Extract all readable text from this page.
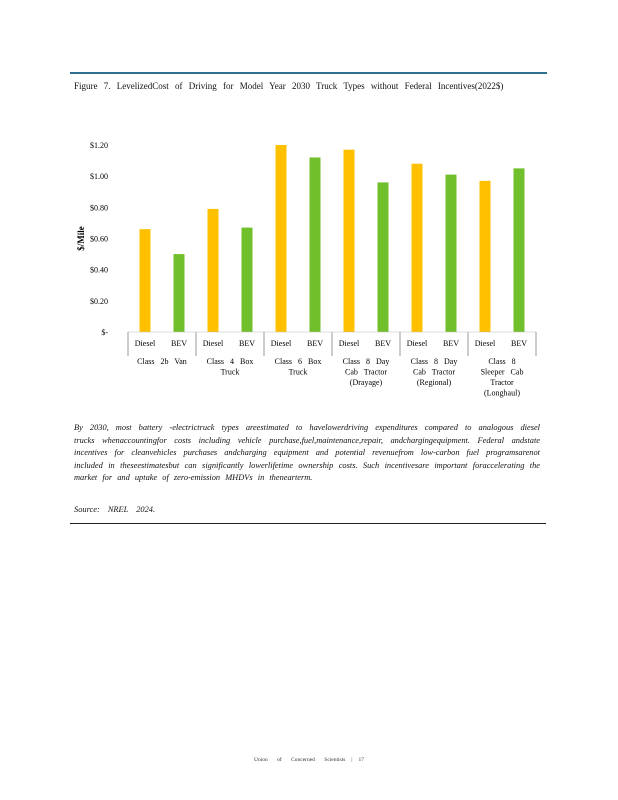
Figure 7. LevelizedCost of Driving for Model Year 2030 Truck Types without Federal Incentives(2022$)
$/Mile
$-
$0.20
$0.40
$0.60
$0.80
$1.00
$1.20
Diesel BEV
Class 2b Van
Diesel BEV
Class 4 Box
Truck
Diesel BEV
Class 6 Box
Truck
Diesel BEV
Class 8 Day
Cab Tractor
(Drayage)
Diesel BEV
Class 8 Day
Cab Tractor
(Regional)
Diesel BEV
Class 8
Sleeper Cab
Tractor
(Longhaul)
By 2030, most battery -electrictruck types areestimated to havelowerdriving expenditures compared to analogous diesel trucks whenaccountingfor costs including vehicle purchase,fuel,maintenance,repair, andchargingequipment. Federal andstate incentives for cleanvehicles purchases andcharging equipment and potential revenuefrom low-carbon fuel programsarenot included in theseestimatesbut can significantly lowerlifetime ownership costs. Such incentivesare important foraccelerating the market for and uptake of zero-emission MHDVs in thenearterm.
Source: NREL 2024.
Union of Concerned Scientists | 17
